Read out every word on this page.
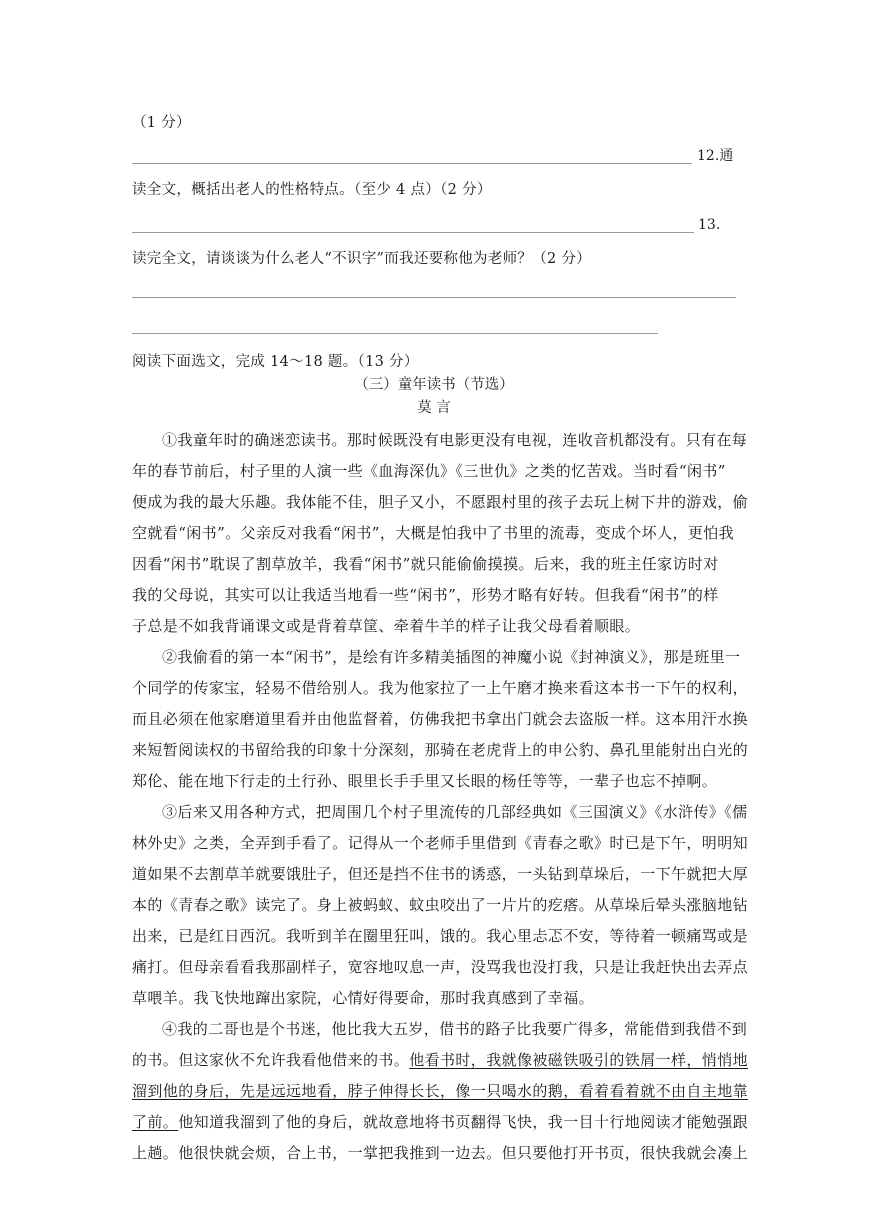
（1 分）
12.通
读全文，概括出老人的性格特点。（至少 4 点）（2 分）
13.
读完全文，请谈谈为什么老人“不识字”而我还要称他为老师？（2 分）
阅读下面选文，完成 14～18 题。（13 分）
（三）童年读书（节选）
莫 言
①我童年时的确迷恋读书。那时候既没有电影更没有电视，连收音机都没有。只有在每
年的春节前后，村子里的人演一些《血海深仇》《三世仇》之类的忆苦戏。当时看“闲书”
便成为我的最大乐趣。我体能不佳，胆子又小，不愿跟村里的孩子去玩上树下井的游戏，偷
空就看“闲书”。父亲反对我看“闲书”，大概是怕我中了书里的流毒，变成个坏人，更怕我
因看“闲书”耽误了割草放羊，我看“闲书”就只能偷偷摸摸。后来，我的班主任家访时对
我的父母说，其实可以让我适当地看一些“闲书”，形势才略有好转。但我看“闲书”的样
子总是不如我背诵课文或是背着草筐、牵着牛羊的样子让我父母看着顺眼。
②我偷看的第一本“闲书”，是绘有许多精美插图的神魔小说《封神演义》，那是班里一
个同学的传家宝，轻易不借给别人。我为他家拉了一上午磨才换来看这本书一下午的权利，
而且必须在他家磨道里看并由他监督着，仿佛我把书拿出门就会去盗版一样。这本用汗水换
来短暂阅读权的书留给我的印象十分深刻，那骑在老虎背上的申公豹、鼻孔里能射出白光的
郑伦、能在地下行走的土行孙、眼里长手手里又长眼的杨任等等，一辈子也忘不掉啊。
③后来又用各种方式，把周围几个村子里流传的几部经典如《三国演义》《水浒传》《儒
林外史》之类，全弄到手看了。记得从一个老师手里借到《青春之歌》时已是下午，明明知
道如果不去割草羊就要饿肚子，但还是挡不住书的诱惑，一头钻到草垛后，一下午就把大厚
本的《青春之歌》读完了。身上被蚂蚁、蚊虫咬出了一片片的疙瘩。从草垛后晕头涨脑地钻
出来，已是红日西沉。我听到羊在圈里狂叫，饿的。我心里忐忑不安，等待着一顿痛骂或是
痛打。但母亲看看我那副样子，宽容地叹息一声，没骂我也没打我，只是让我赶快出去弄点
草喂羊。我飞快地蹿出家院，心情好得要命，那时我真感到了幸福。
④我的二哥也是个书迷，他比我大五岁，借书的路子比我要广得多，常能借到我借不到
的书。但这家伙不允许我看他借来的书。他看书时，我就像被磁铁吸引的铁屑一样，悄悄地
溜到他的身后，先是远远地看，脖子伸得长长，像一只喝水的鹅，看着看着就不由自主地靠
了前。他知道我溜到了他的身后，就故意地将书页翻得飞快，我一目十行地阅读才能勉强跟
上趟。他很快就会烦，合上书，一掌把我推到一边去。但只要他打开书页，很快我就会凑上
